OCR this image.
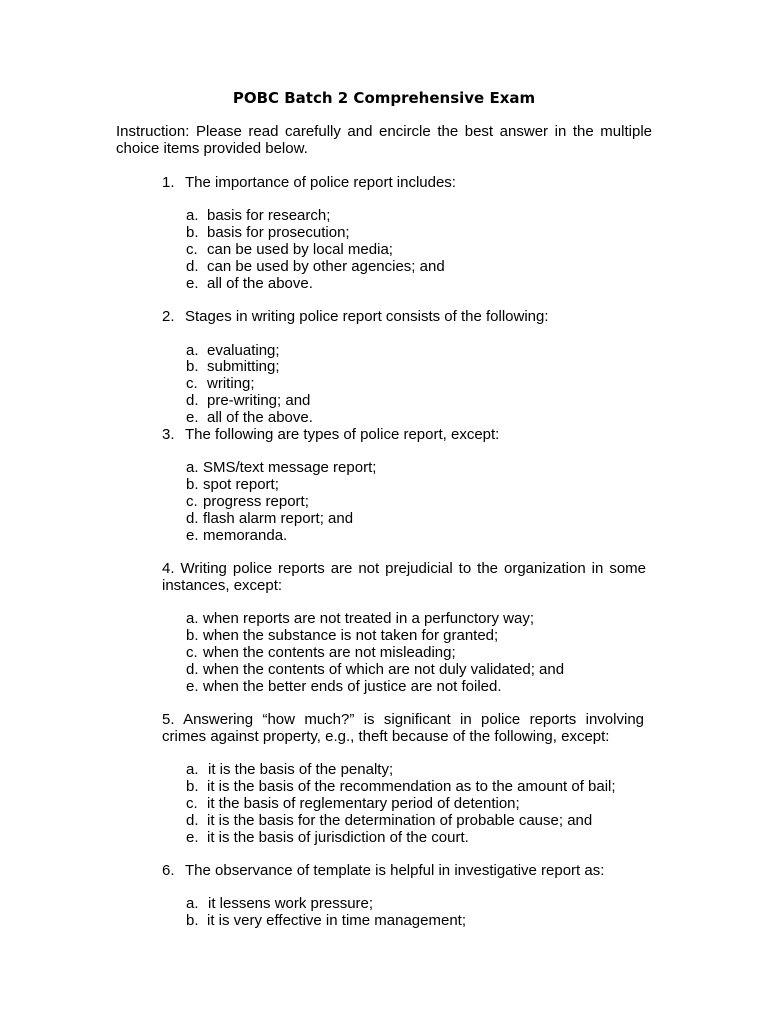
POBC Batch 2 Comprehensive Exam
Instruction: Please read carefully and encircle the best answer in the multiple choice items provided below.
1. The importance of police report includes:
a. basis for research;
b. basis for prosecution;
c. can be used by local media;
d. can be used by other agencies; and
e. all of the above.
2. Stages in writing police report consists of the following:
a. evaluating;
b. submitting;
c. writing;
d. pre-writing; and
e. all of the above.
3. The following are types of police report, except:
a. SMS/text message report;
b. spot report;
c. progress report;
d. flash alarm report; and
e. memoranda.
4. Writing police reports are not prejudicial to the organization in some instances, except:
a. when reports are not treated in a perfunctory way;
b. when the substance is not taken for granted;
c. when the contents are not misleading;
d. when the contents of which are not duly validated; and
e. when the better ends of justice are not foiled.
5. Answering “how much?” is significant in police reports involving crimes against property, e.g., theft because of the following, except:
a. it is the basis of the penalty;
b. it is the basis of the recommendation as to the amount of bail;
c. it the basis of reglementary period of detention;
d. it is the basis for the determination of probable cause; and
e. it is the basis of jurisdiction of the court.
6. The observance of template is helpful in investigative report as:
a. it lessens work pressure;
b. it is very effective in time management;
